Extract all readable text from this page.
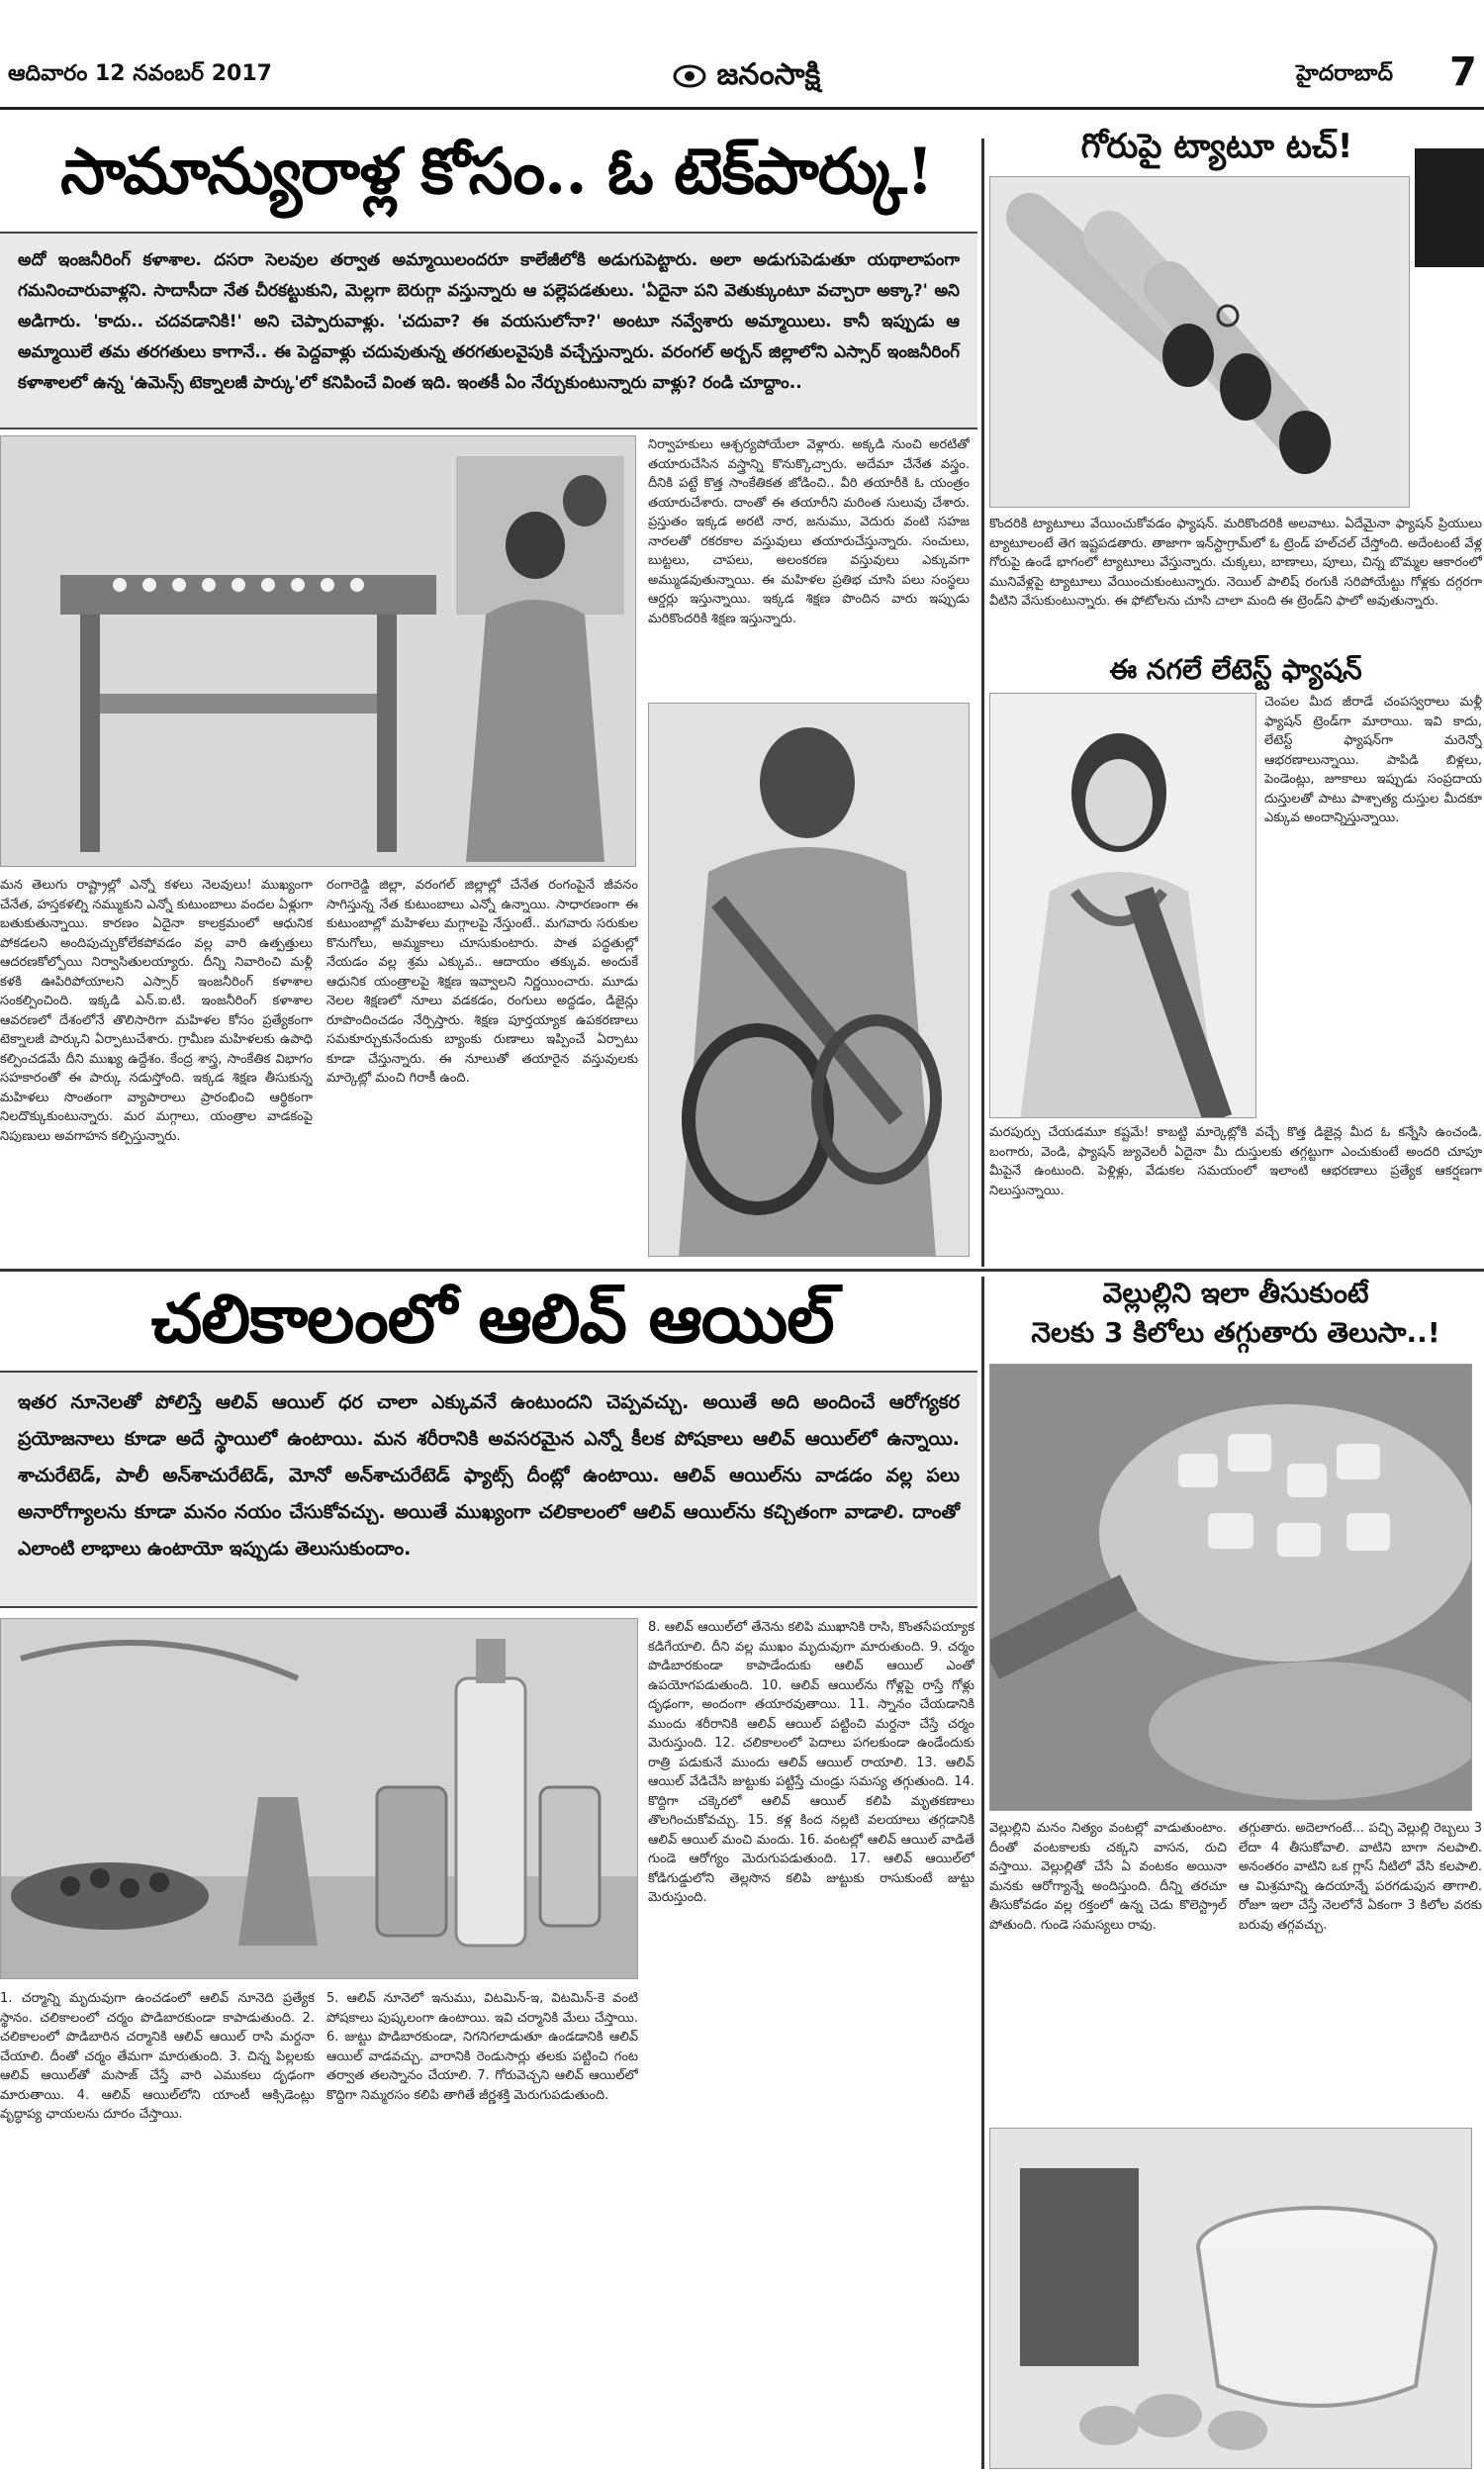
ఆదివారం 12 నవంబర్ 2017	జనంసాక్షి	హైదరాబాద్ 7
సామాన్యురాళ్ల కోసం.. ఓ టెక్‌పార్కు!
అదో ఇంజనీరింగ్ కళాశాల. దసరా సెలవుల తర్వాత అమ్మాయిలందరూ కాలేజీలోకి అడుగుపెట్టారు. అలా అడుగుపెడుతూ యథాలాపంగా గమనించారువాళ్లని. సాదాసీదా నేత చీరకట్టుకుని, మెల్లగా బెరుగ్గా వస్తున్నారు ఆ పల్లెపడతులు. 'ఏదైనా పని వెతుక్కుంటూ వచ్చారా అక్కా?' అని అడిగారు. 'కాదు.. చదవడానికి!' అని చెప్పారువాళ్లు. 'చదువా? ఈ వయసులోనా?' అంటూ నవ్వేశారు అమ్మాయిలు. కానీ ఇప్పుడు ఆ అమ్మాయిలే తమ తరగతులు కాగానే.. ఈ పెద్దవాళ్లు చదువుతున్న తరగతులవైపుకి వచ్చేస్తున్నారు. వరంగల్ అర్బన్ జిల్లాలోని ఎస్సార్ ఇంజనీరింగ్ కళాశాలలో ఉన్న 'ఉమెన్స్ టెక్నాలజీ పార్కు'లో కనిపించే వింత ఇది. ఇంతకీ ఏం నేర్చుకుంటున్నారు వాళ్లు? రండి చూద్దాం..
నిర్వాహకులు ఆశ్చర్యపోయేలా వెళ్లారు. అక్కడి నుంచి అరటితో తయారుచేసిన వస్త్రాన్ని కొనుక్కొచ్చారు. అదేమా చేనేత వస్త్రం. దీనికి పట్టే కొత్త సాంకేతికత జోడించి.. వీరి తయారీకి ఓ యంత్రం తయారుచేశారు. దాంతో ఈ తయారీని మరింత సులువు చేశారు. ప్రస్తుతం ఇక్కడ అరటి నార, జనుము, వెదురు వంటి సహజ నారలతో రకరకాల వస్తువులు తయారుచేస్తున్నారు. సంచులు, బుట్టలు, చాపలు, అలంకరణ వస్తువులు ఎక్కువగా అమ్ముడవుతున్నాయి. ఈ మహిళల ప్రతిభ చూసి పలు సంస్థలు ఆర్డర్లు ఇస్తున్నాయి. ఇక్కడ శిక్షణ పొందిన వారు ఇప్పుడు మరికొందరికి శిక్షణ ఇస్తున్నారు.
మన తెలుగు రాష్ట్రాల్లో ఎన్నో కళలు నెలవులు! ముఖ్యంగా చేనేత, హస్తకళల్ని నమ్ముకుని ఎన్నో కుటుంబాలు వందల ఏళ్లుగా బతుకుతున్నాయి. కారణం ఏదైనా కాలక్రమంలో ఆధునిక పోకడలని అందిపుచ్చుకోలేకపోవడం వల్ల వారి ఉత్పత్తులు ఆదరణకోల్పోయి నిర్వాసితులయ్యారు. దీన్ని నివారించి మళ్లీ కళకి ఊపిరిపోయాలని ఎస్సార్ ఇంజనీరింగ్ కళాశాల సంకల్పించింది. ఇక్కడి ఎన్.ఐ.టి. ఇంజనీరింగ్ కళాశాల ఆవరణలో దేశంలోనే తొలిసారిగా మహిళల కోసం ప్రత్యేకంగా టెక్నాలజీ పార్కుని ఏర్పాటుచేశారు. గ్రామీణ మహిళలకు ఉపాధి కల్పించడమే దీని ముఖ్య ఉద్దేశం. కేంద్ర శాస్త్ర, సాంకేతిక విభాగం సహకారంతో ఈ పార్కు నడుస్తోంది. ఇక్కడ శిక్షణ తీసుకున్న మహిళలు సొంతంగా వ్యాపారాలు ప్రారంభించి ఆర్థికంగా నిలదొక్కుకుంటున్నారు. మర మగ్గాలు, యంత్రాల వాడకంపై నిపుణులు అవగాహన కల్పిస్తున్నారు.
రంగారెడ్డి జిల్లా, వరంగల్ జిల్లాల్లో చేనేత రంగంపైనే జీవనం సాగిస్తున్న నేత కుటుంబాలు ఎన్నో ఉన్నాయి. సాధారణంగా ఈ కుటుంబాల్లో మహిళలు మగ్గాలపై నేస్తుంటే.. మగవారు సరుకుల కొనుగోలు, అమ్మకాలు చూసుకుంటారు. పాత పద్ధతుల్లో నేయడం వల్ల శ్రమ ఎక్కువ.. ఆదాయం తక్కువ. అందుకే ఆధునిక యంత్రాలపై శిక్షణ ఇవ్వాలని నిర్ణయించారు. మూడు నెలల శిక్షణలో నూలు వడకడం, రంగులు అద్దడం, డిజైన్లు రూపొందించడం నేర్పిస్తారు. శిక్షణ పూర్తయ్యాక ఉపకరణాలు సమకూర్చుకునేందుకు బ్యాంకు రుణాలు ఇప్పించే ఏర్పాటు కూడా చేస్తున్నారు. ఈ నూలుతో తయారైన వస్తువులకు మార్కెట్లో మంచి గిరాకీ ఉంది.
గోరుపై ట్యాటూ టచ్!
కొందరికి ట్యాటూలు వేయించుకోవడం ఫ్యాషన్. మరికొందరికి అలవాటు. ఏదేమైనా ఫ్యాషన్ ప్రియులు ట్యాటూలంటే తెగ ఇష్టపడతారు. తాజాగా ఇన్‌స్టాగ్రామ్‌లో ఓ ట్రెండ్ హల్‌చల్ చేస్తోంది. అదేంటంటే వేళ్ల గోరుపై ఉండే భాగంలో ట్యాటూలు వేస్తున్నారు. చుక్కలు, బాణాలు, పూలు, చిన్న బొమ్మల ఆకారంలో మునివేళ్లపై ట్యాటూలు వేయించుకుంటున్నారు. నెయిల్ పాలిష్ రంగుకి సరిపోయేట్టు గోళ్లకు దగ్గరగా వీటిని వేసుకుంటున్నారు. ఈ ఫోటోలను చూసి చాలా మంది ఈ ట్రెండ్‌ని ఫాలో అవుతున్నారు.
ఈ నగలే లేటెస్ట్ ఫ్యాషన్
చెంపల మీద జీరాడే చంపస్వరాలు మళ్లీ ఫ్యాషన్ ట్రెండ్‌గా మారాయి. ఇవి కాదు, లేటెస్ట్ ఫ్యాషన్‌గా మరెన్నో ఆభరణాలున్నాయి. పాపిడి బిళ్లలు, పెండెంట్లు, జూకాలు ఇప్పుడు సంప్రదాయ దుస్తులతో పాటు పాశ్చాత్య దుస్తుల మీదకూ ఎక్కువ అందాన్నిస్తున్నాయి.
మరపుర్పు చేయడమూ కష్టమే! కాబట్టి మార్కెట్లోకి వచ్చే కొత్త డిజైన్ల మీద ఓ కన్నేసి ఉంచండి. బంగారు, వెండి, ఫ్యాషన్ జ్యువెలరీ ఏదైనా మీ దుస్తులకు తగ్గట్టుగా ఎంచుకుంటే అందరి చూపూ మీపైనే ఉంటుంది. పెళ్లిళ్లు, వేడుకల సమయంలో ఇలాంటి ఆభరణాలు ప్రత్యేక ఆకర్షణగా నిలుస్తున్నాయి.
చలికాలంలో ఆలివ్ ఆయిల్
ఇతర నూనెలతో పోలిస్తే ఆలివ్ ఆయిల్ ధర చాలా ఎక్కువనే ఉంటుందని చెప్పవచ్చు. అయితే అది అందించే ఆరోగ్యకర ప్రయోజనాలు కూడా అదే స్థాయిలో ఉంటాయి. మన శరీరానికి అవసరమైన ఎన్నో కీలక పోషకాలు ఆలివ్ ఆయిల్‌లో ఉన్నాయి. శాచురేటెడ్, పాలీ అన్‌శాచురేటెడ్, మోనో అన్‌శాచురేటెడ్ ఫ్యాట్స్ దీంట్లో ఉంటాయి. ఆలివ్ ఆయిల్‌ను వాడడం వల్ల పలు అనారోగ్యాలను కూడా మనం నయం చేసుకోవచ్చు. అయితే ముఖ్యంగా చలికాలంలో ఆలివ్ ఆయిల్‌ను కచ్చితంగా వాడాలి. దాంతో ఎలాంటి లాభాలు ఉంటాయో ఇప్పుడు తెలుసుకుందాం.
1. చర్మాన్ని మృదువుగా ఉంచడంలో ఆలివ్ నూనెది ప్రత్యేక స్థానం. చలికాలంలో చర్మం పొడిబారకుండా కాపాడుతుంది. 2. చలికాలంలో పొడిబారిన చర్మానికి ఆలివ్ ఆయిల్ రాసి మర్దనా చేయాలి. దీంతో చర్మం తేమగా మారుతుంది. 3. చిన్న పిల్లలకు ఆలివ్ ఆయిల్‌తో మసాజ్ చేస్తే వారి ఎముకలు దృఢంగా మారుతాయి. 4. ఆలివ్ ఆయిల్‌లోని యాంటీ ఆక్సిడెంట్లు వృద్ధాప్య ఛాయలను దూరం చేస్తాయి.
5. ఆలివ్ నూనెలో ఇనుము, విటమిన్-ఇ, విటమిన్-కె వంటి పోషకాలు పుష్కలంగా ఉంటాయి. ఇవి చర్మానికి మేలు చేస్తాయి. 6. జుట్టు పొడిబారకుండా, నిగనిగలాడుతూ ఉండడానికి ఆలివ్ ఆయిల్ వాడవచ్చు. వారానికి రెండుసార్లు తలకు పట్టించి గంట తర్వాత తలస్నానం చేయాలి. 7. గోరువెచ్చని ఆలివ్ ఆయిల్‌లో కొద్దిగా నిమ్మరసం కలిపి తాగితే జీర్ణశక్తి మెరుగుపడుతుంది.
8. ఆలివ్ ఆయిల్‌లో తేనెను కలిపి ముఖానికి రాసి, కొంతసేపయ్యాక కడిగేయాలి. దీని వల్ల ముఖం మృదువుగా మారుతుంది. 9. చర్మం పొడిబారకుండా కాపాడేందుకు ఆలివ్ ఆయిల్ ఎంతో ఉపయోగపడుతుంది. 10. ఆలివ్ ఆయిల్‌ను గోళ్లపై రాస్తే గోళ్లు దృఢంగా, అందంగా తయారవుతాయి. 11. స్నానం చేయడానికి ముందు శరీరానికి ఆలివ్ ఆయిల్ పట్టించి మర్దనా చేస్తే చర్మం మెరుస్తుంది. 12. చలికాలంలో పెదాలు పగలకుండా ఉండేందుకు రాత్రి పడుకునే ముందు ఆలివ్ ఆయిల్ రాయాలి. 13. ఆలివ్ ఆయిల్ వేడిచేసి జుట్టుకు పట్టిస్తే చుండ్రు సమస్య తగ్గుతుంది. 14. కొద్దిగా చక్కెరలో ఆలివ్ ఆయిల్ కలిపి మృతకణాలు తొలగించుకోవచ్చు. 15. కళ్ల కింద నల్లటి వలయాలు తగ్గడానికి ఆలివ్ ఆయిల్ మంచి మందు. 16. వంటల్లో ఆలివ్ ఆయిల్ వాడితే గుండె ఆరోగ్యం మెరుగుపడుతుంది. 17. ఆలివ్ ఆయిల్‌లో కోడిగుడ్డులోని తెల్లసొన కలిపి జుట్టుకు రాసుకుంటే జుట్టు మెరుస్తుంది.
వెల్లుల్లిని ఇలా తీసుకుంటే
నెలకు 3 కిలోలు తగ్గుతారు తెలుసా..!
వెల్లుల్లిని మనం నిత్యం వంటల్లో వాడుతుంటాం. దీంతో వంటకాలకు చక్కని వాసన, రుచి వస్తాయి. వెల్లుల్లితో చేసే ఏ వంటకం అయినా మనకు ఆరోగ్యాన్నే అందిస్తుంది. దీన్ని తరచూ తీసుకోవడం వల్ల రక్తంలో ఉన్న చెడు కొలెస్ట్రాల్ పోతుంది. గుండె సమస్యలు రావు.
తగ్గుతారు. అదెలాగంటే... పచ్చి వెల్లుల్లి రెబ్బలు 3 లేదా 4 తీసుకోవాలి. వాటిని బాగా నలపాలి. అనంతరం వాటిని ఒక గ్లాస్ నీటిలో వేసి కలపాలి. ఆ మిశ్రమాన్ని ఉదయాన్నే పరగడుపున తాగాలి. రోజూ ఇలా చేస్తే నెలలోనే ఏకంగా 3 కిలోల వరకు బరువు తగ్గవచ్చు.
